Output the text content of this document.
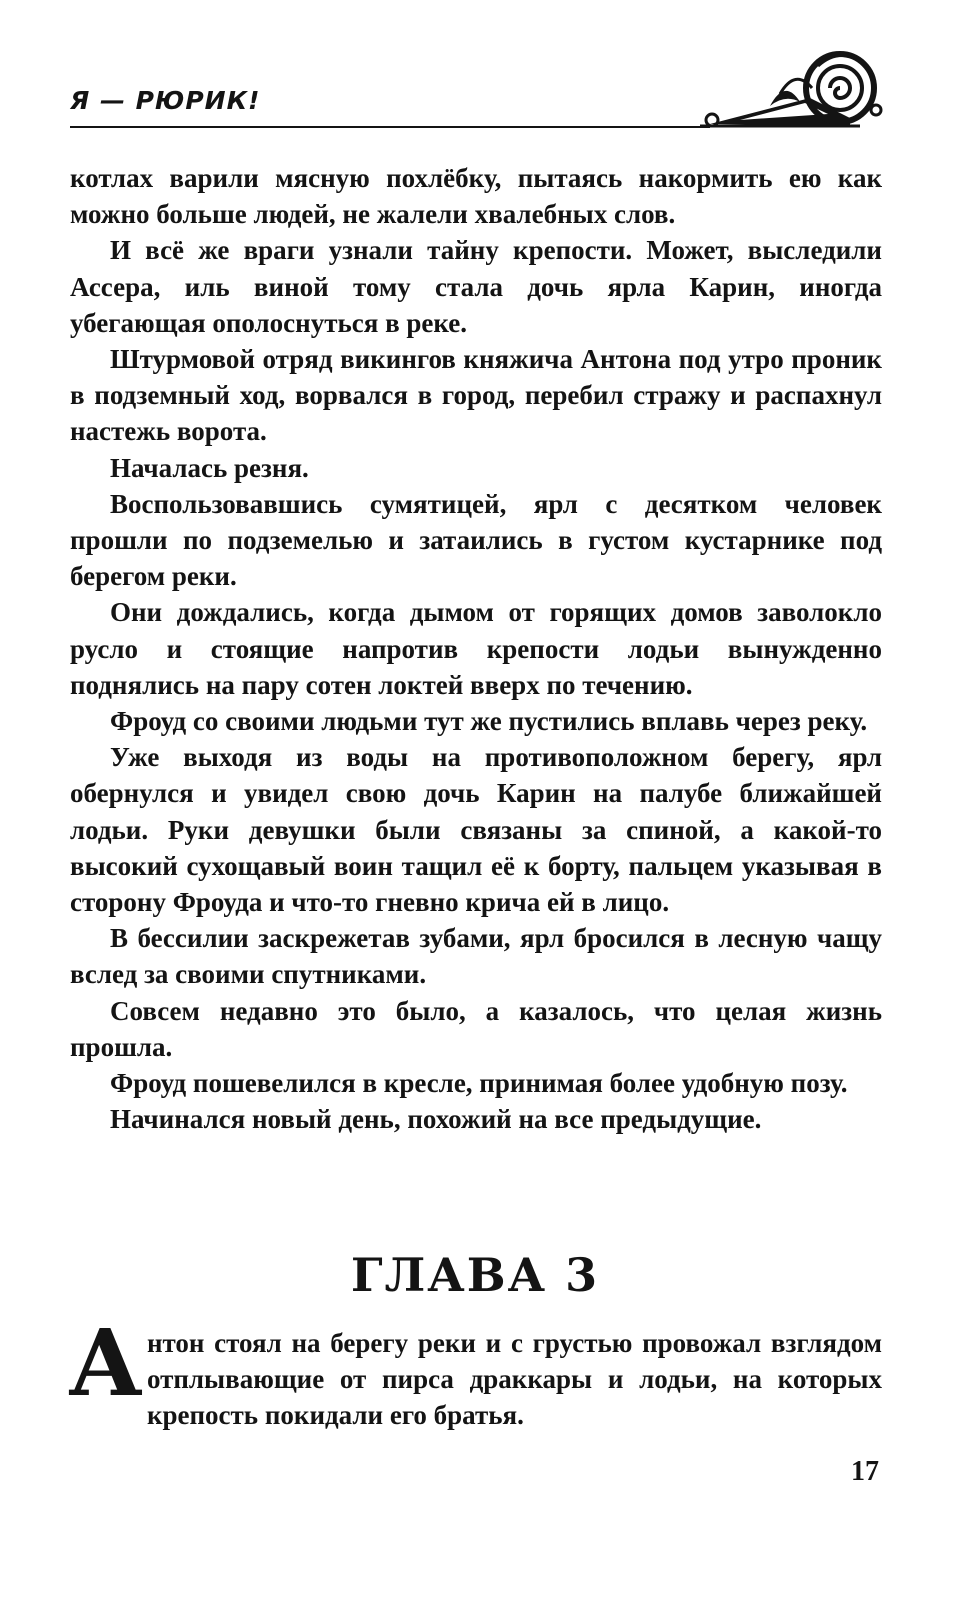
Я — РЮРИК!

котлах варили мясную похлёбку, пытаясь накормить ею как можно больше людей, не жалели хвалебных слов.

И всё же враги узнали тайну крепости. Может, выследили Ассера, иль виной тому стала дочь ярла Карин, иногда убегающая ополоснуться в реке.

Штурмовой отряд викингов княжича Антона под утро проник в подземный ход, ворвался в город, перебил стражу и распахнул настежь ворота.

Началась резня.

Воспользовавшись сумятицей, ярл с десятком человек прошли по подземелью и затаились в густом кустарнике под берегом реки.

Они дождались, когда дымом от горящих домов заволокло русло и стоящие напротив крепости лодьи вынужденно поднялись на пару сотен локтей вверх по течению.

Фроуд со своими людьми тут же пустились вплавь через реку.

Уже выходя из воды на противоположном берегу, ярл обернулся и увидел свою дочь Карин на палубе ближайшей лодьи. Руки девушки были связаны за спиной, а какой-то высокий сухощавый воин тащил её к борту, пальцем указывая в сторону Фроуда и что-то гневно крича ей в лицо.

В бессилии заскрежетав зубами, ярл бросился в лесную чащу вслед за своими спутниками.

Совсем недавно это было, а казалось, что целая жизнь прошла.

Фроуд пошевелился в кресле, принимая более удобную позу.

Начинался новый день, похожий на все предыдущие.

ГЛАВА 3

Антон стоял на берегу реки и с грустью провожал взглядом отплывающие от пирса драккары и лодьи, на которых крепость покидали его братья.

17
